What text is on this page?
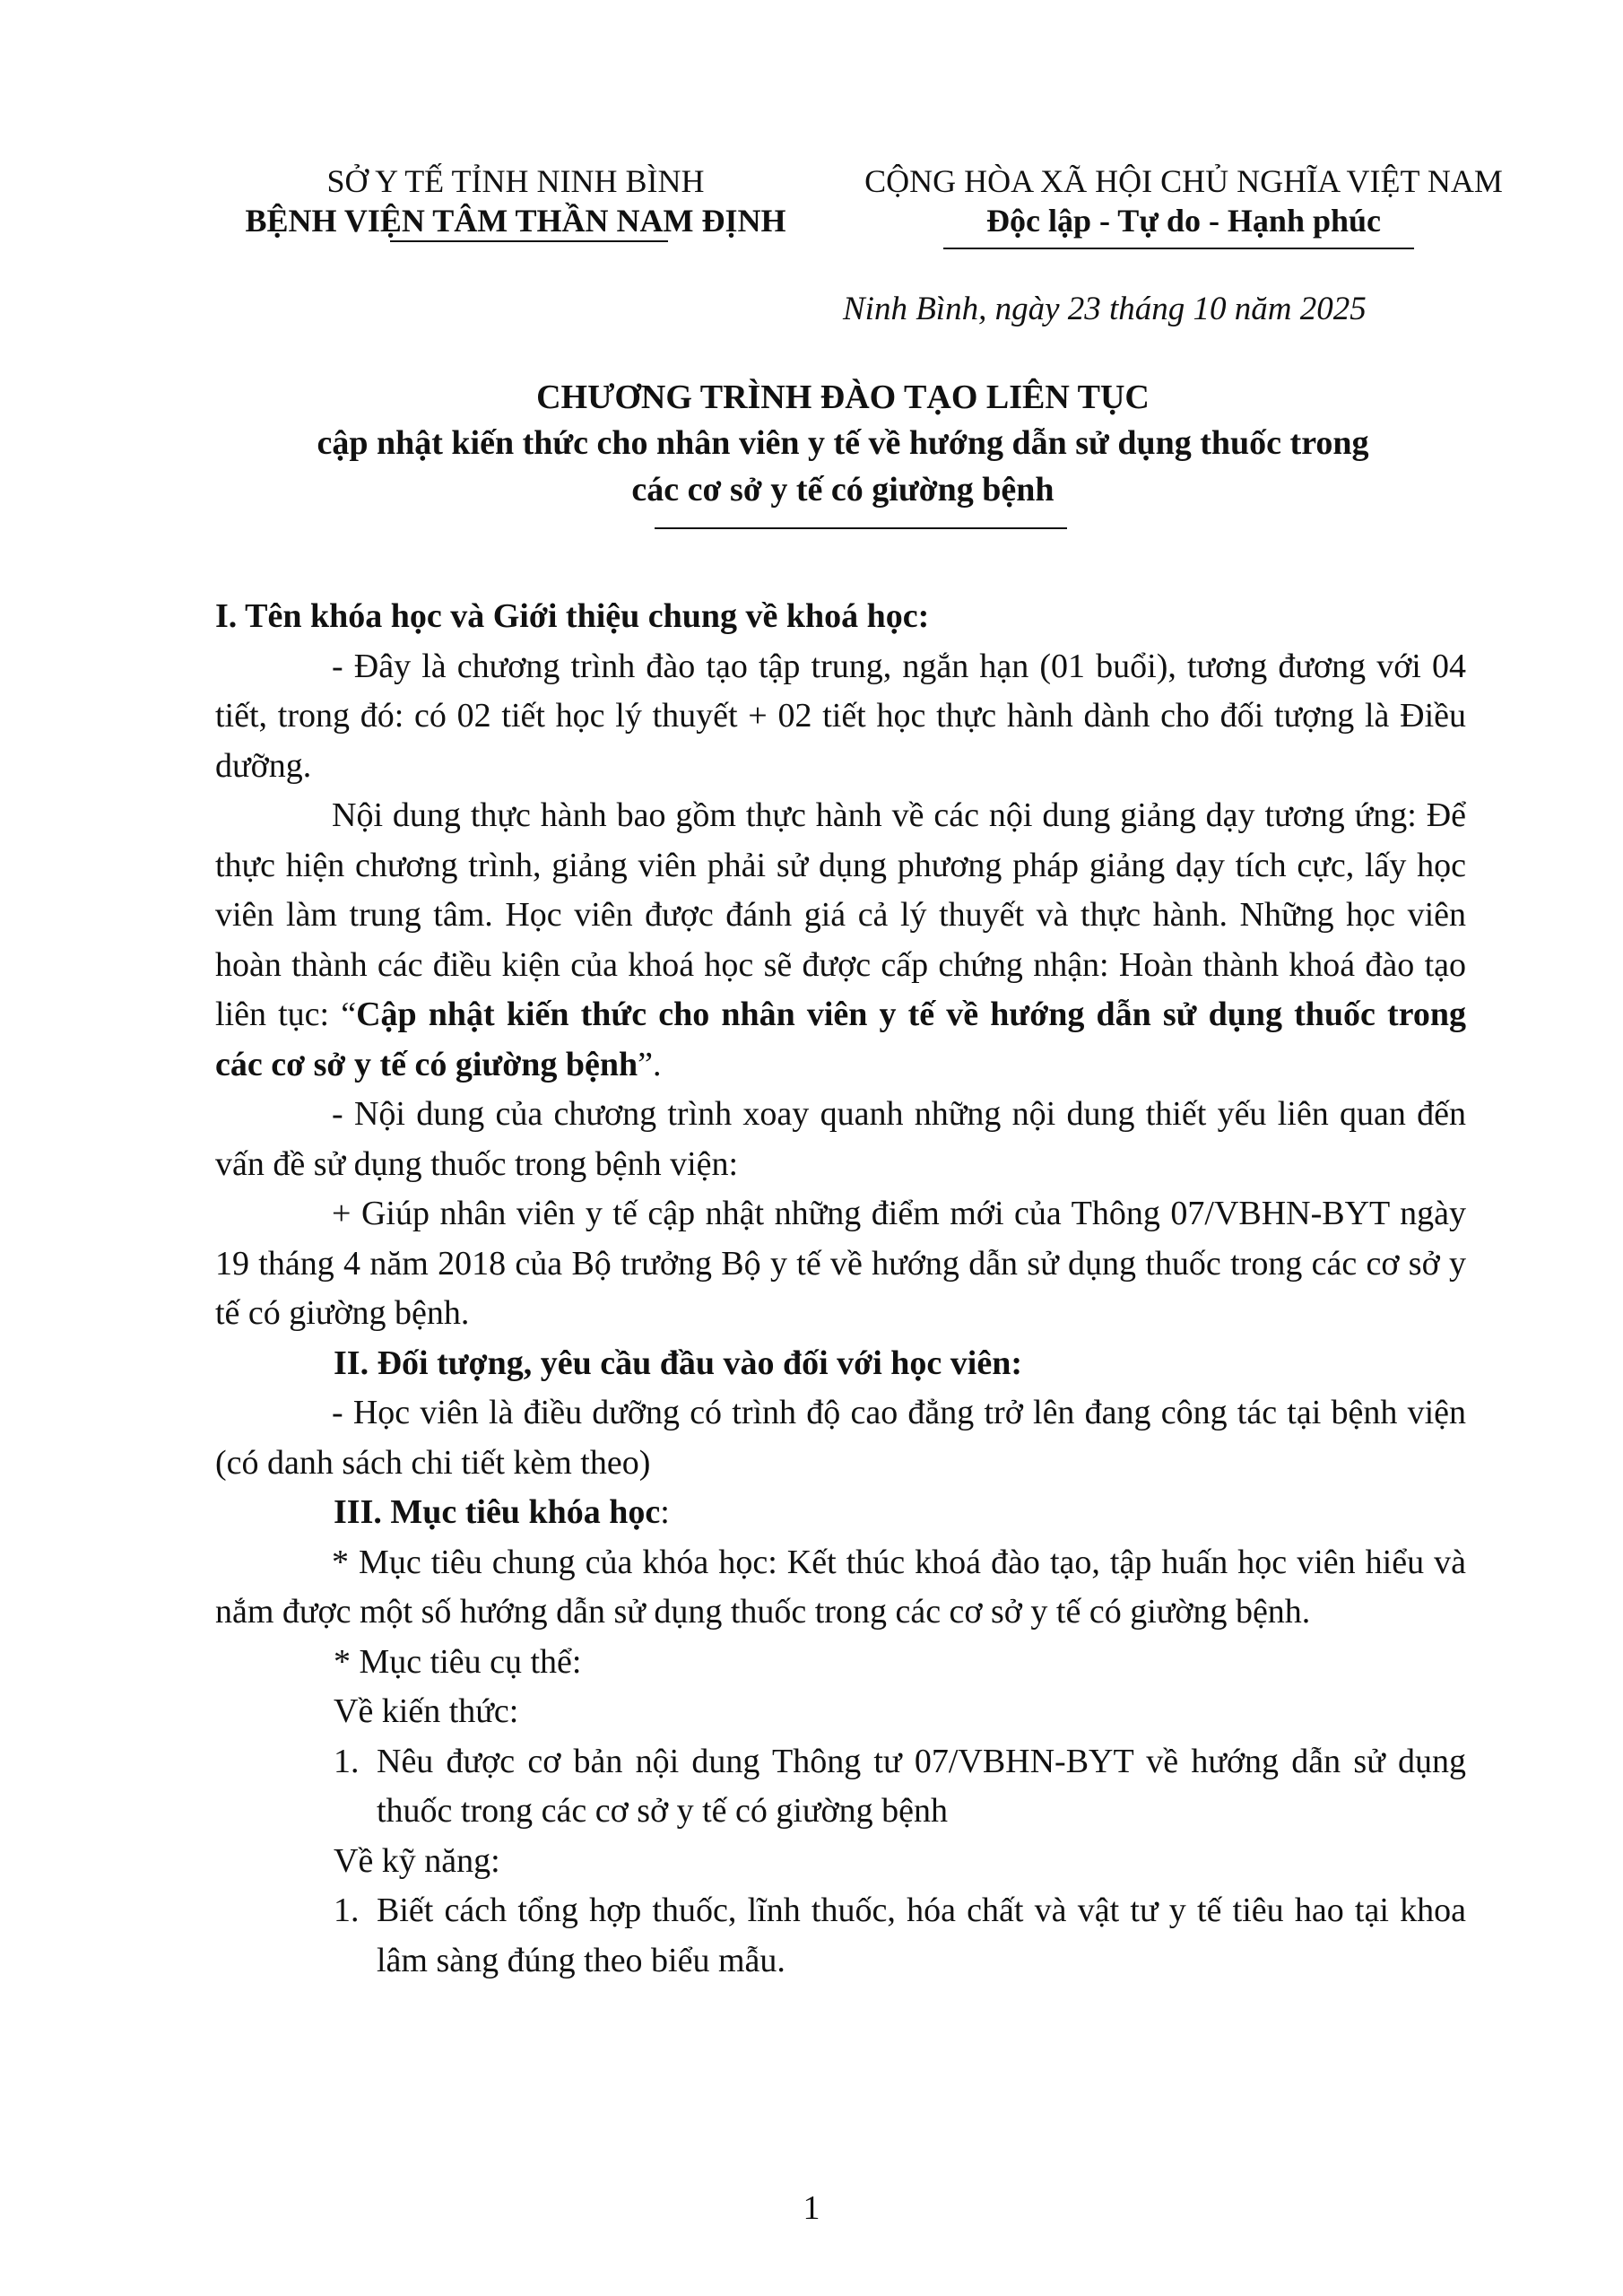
SỞ Y TẾ TỈNH NINH BÌNH
BỆNH VIỆN TÂM THẦN NAM ĐỊNH
CỘNG HÒA XÃ HỘI CHỦ NGHĨA VIỆT NAM
Độc lập - Tự do - Hạnh phúc
Ninh Bình, ngày 23 tháng 10 năm 2025
CHƯƠNG TRÌNH ĐÀO TẠO LIÊN TỤC
cập nhật kiến thức cho nhân viên y tế về hướng dẫn sử dụng thuốc trong
các cơ sở y tế có giường bệnh

I. Tên khóa học và Giới thiệu chung về khoá học:

- Đây là chương trình đào tạo tập trung, ngắn hạn (01 buổi), tương đương với 04 tiết, trong đó: có 02 tiết học lý thuyết + 02 tiết học thực hành dành cho đối tượng là Điều dưỡng.

Nội dung thực hành bao gồm thực hành về các nội dung giảng dạy tương ứng: Để thực hiện chương trình, giảng viên phải sử dụng phương pháp giảng dạy tích cực, lấy học viên làm trung tâm. Học viên được đánh giá cả lý thuyết và thực hành. Những học viên hoàn thành các điều kiện của khoá học sẽ được cấp chứng nhận: Hoàn thành khoá đào tạo liên tục: “Cập nhật kiến thức cho nhân viên y tế về hướng dẫn sử dụng thuốc trong các cơ sở y tế có giường bệnh”.

- Nội dung của chương trình xoay quanh những nội dung thiết yếu liên quan đến vấn đề sử dụng thuốc trong bệnh viện:

+ Giúp nhân viên y tế cập nhật những điểm mới của Thông 07/VBHN-BYT ngày 19 tháng 4 năm 2018 của Bộ trưởng Bộ y tế về hướng dẫn sử dụng thuốc trong các cơ sở y tế có giường bệnh.

II. Đối tượng, yêu cầu đầu vào đối với học viên:

- Học viên là điều dưỡng có trình độ cao đẳng trở lên đang công tác tại bệnh viện (có danh sách chi tiết kèm theo)

III. Mục tiêu khóa học:

* Mục tiêu chung của khóa học: Kết thúc khoá đào tạo, tập huấn học viên hiểu và nắm được một số hướng dẫn sử dụng thuốc trong các cơ sở y tế có giường bệnh.

* Mục tiêu cụ thể:

Về kiến thức:

1. Nêu được cơ bản nội dung Thông tư 07/VBHN-BYT về hướng dẫn sử dụng thuốc trong các cơ sở y tế có giường bệnh

Về kỹ năng:

1. Biết cách tổng hợp thuốc, lĩnh thuốc, hóa chất và vật tư y tế tiêu hao tại khoa lâm sàng đúng theo biểu mẫu.

1
